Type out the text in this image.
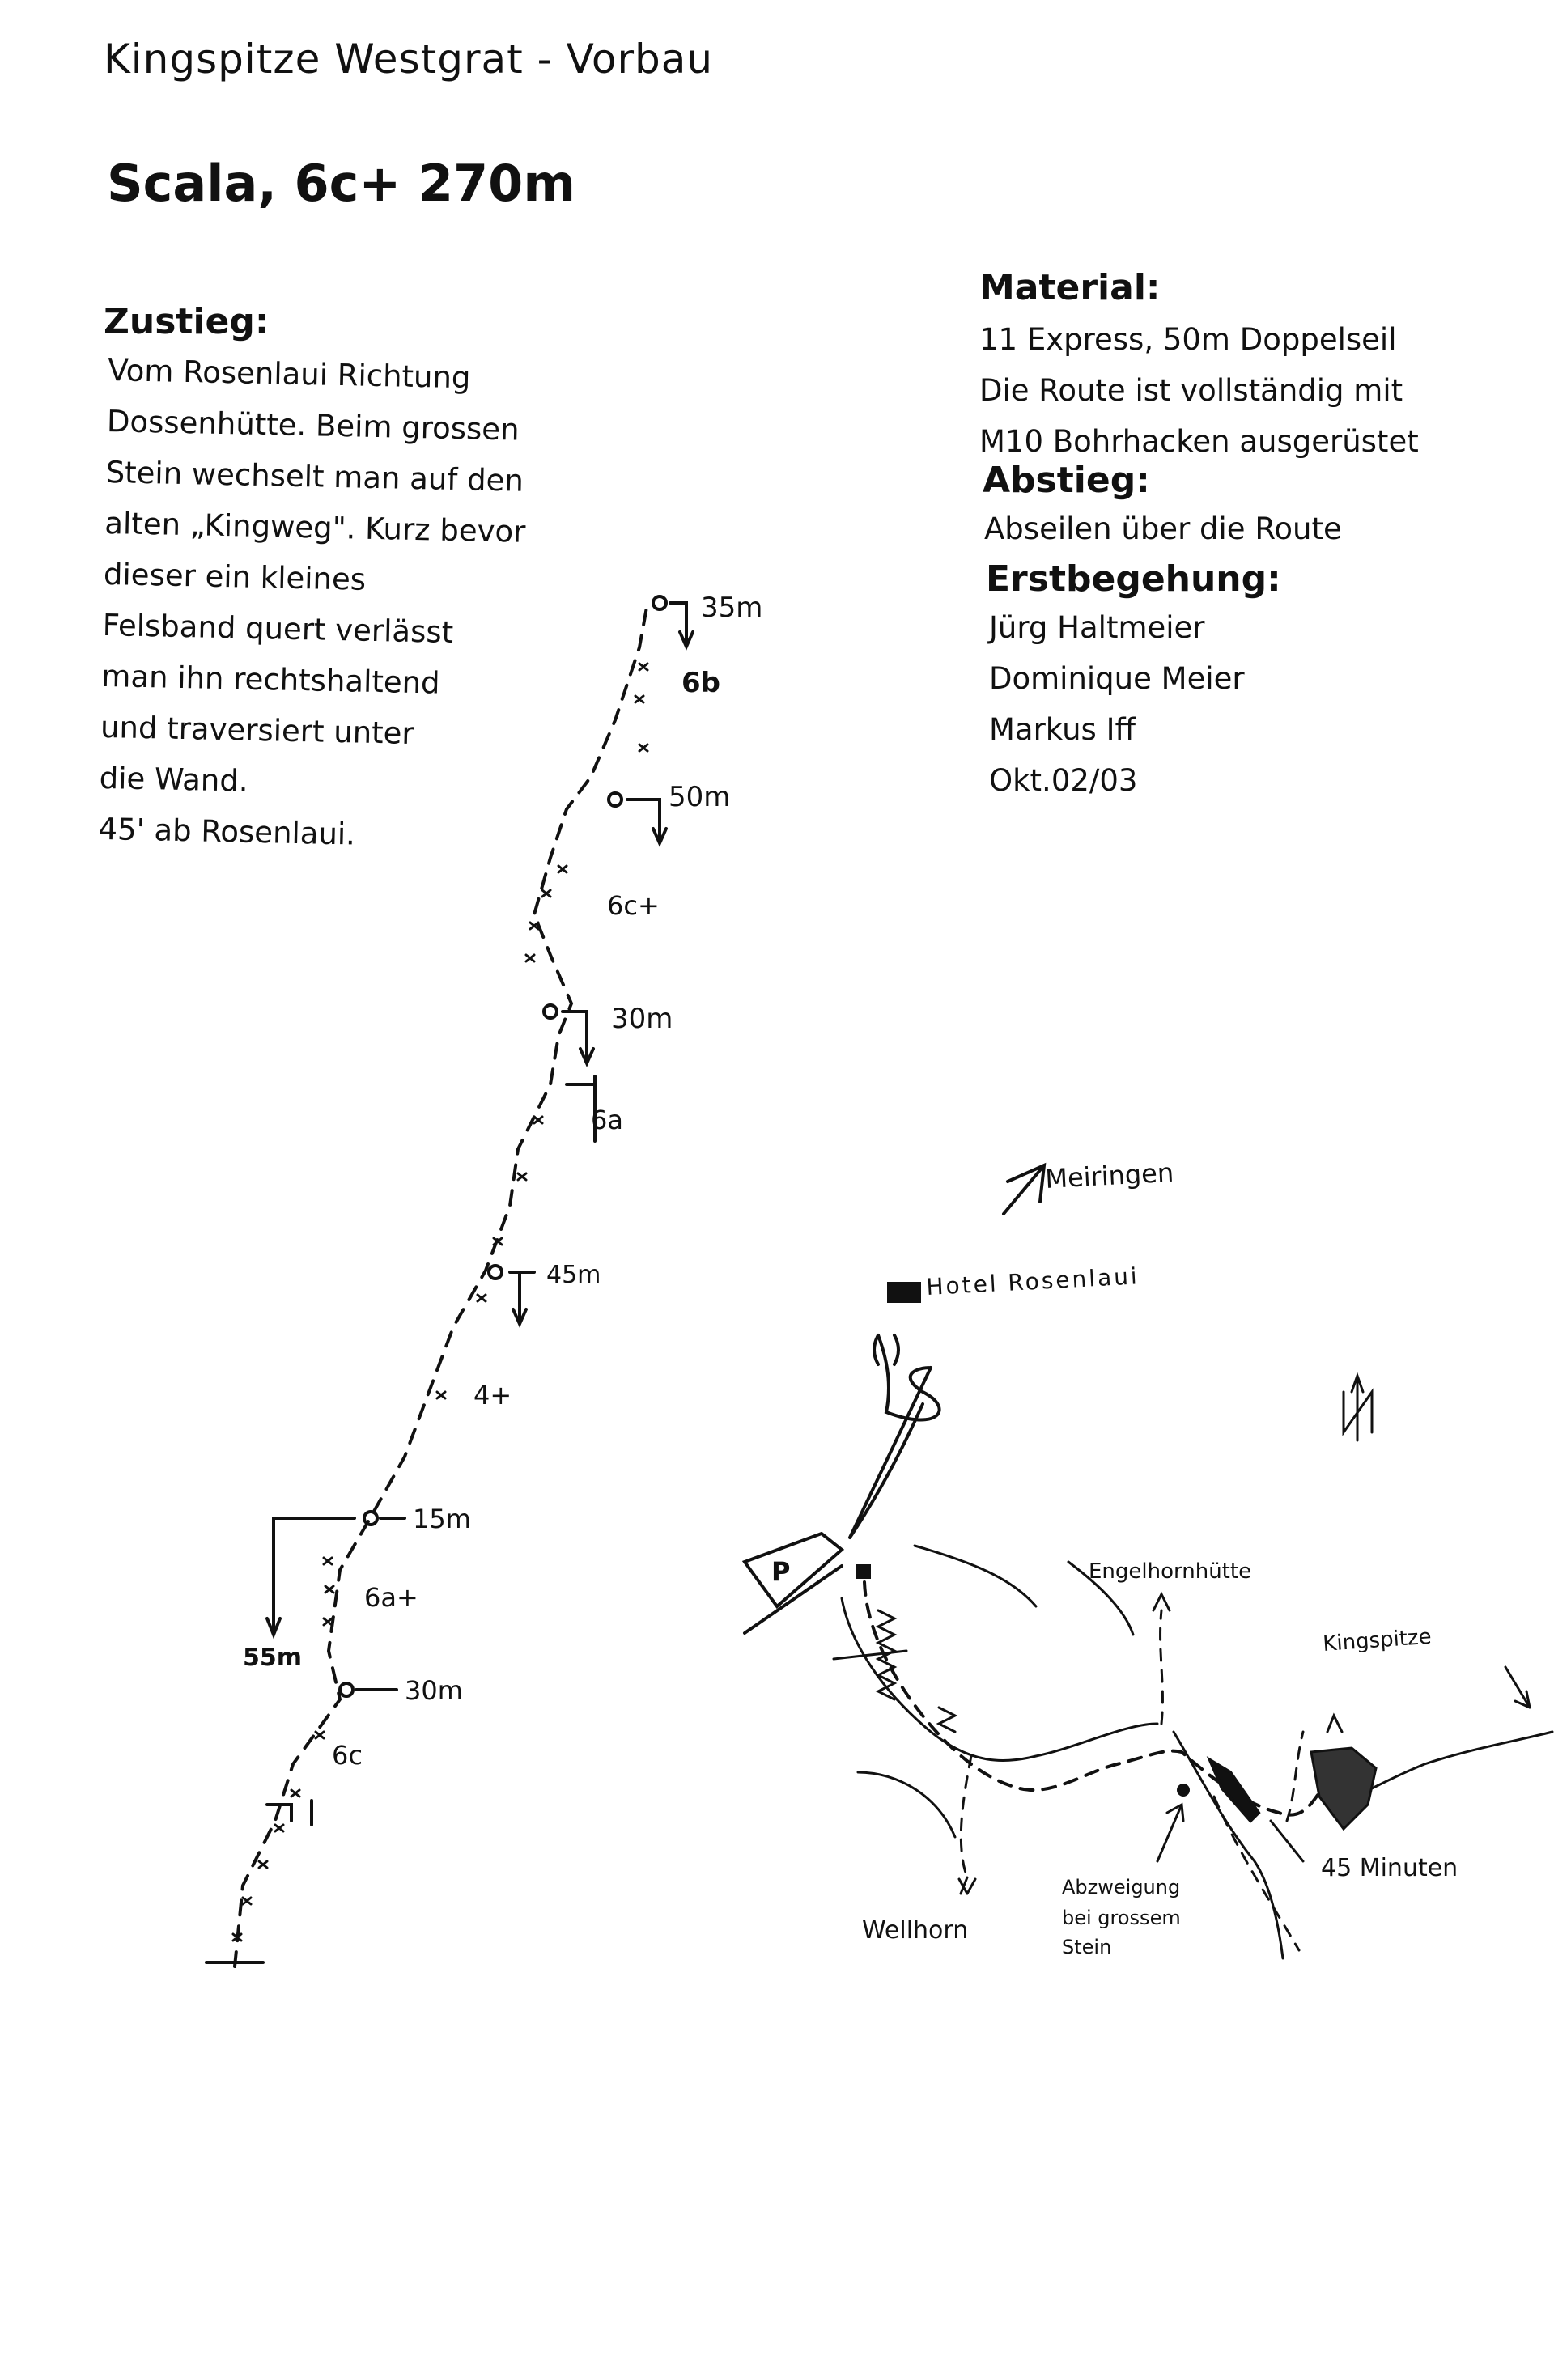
Kingspitze Westgrat - Vorbau
Scala, 6c+ 270m
Zustieg:
Vom Rosenlaui Richtung
Dossenhütte. Beim grossen
Stein wechselt man auf den
alten „Kingweg". Kurz bevor
dieser ein kleines
Felsband quert verlässt
man ihn rechtshaltend
und traversiert unter
die Wand.
45' ab Rosenlaui.
Material:
11 Express, 50m Doppelseil
Die Route ist vollständig mit
M10 Bohrhacken ausgerüstet
Abstieg:
Abseilen über die Route
Erstbegehung:
Jürg Haltmeier
Dominique Meier
Markus Iff
Okt.02/03
6c
30m
6a+
15m
4+
45m
6a
30m
6c+
50m
6b
35m
55m
P
Meiringen
Hotel Rosenlaui
Engelhornhütte
Kingspitze
Wellhorn
Abzweigung
bei grossem
Stein
45 Minuten
